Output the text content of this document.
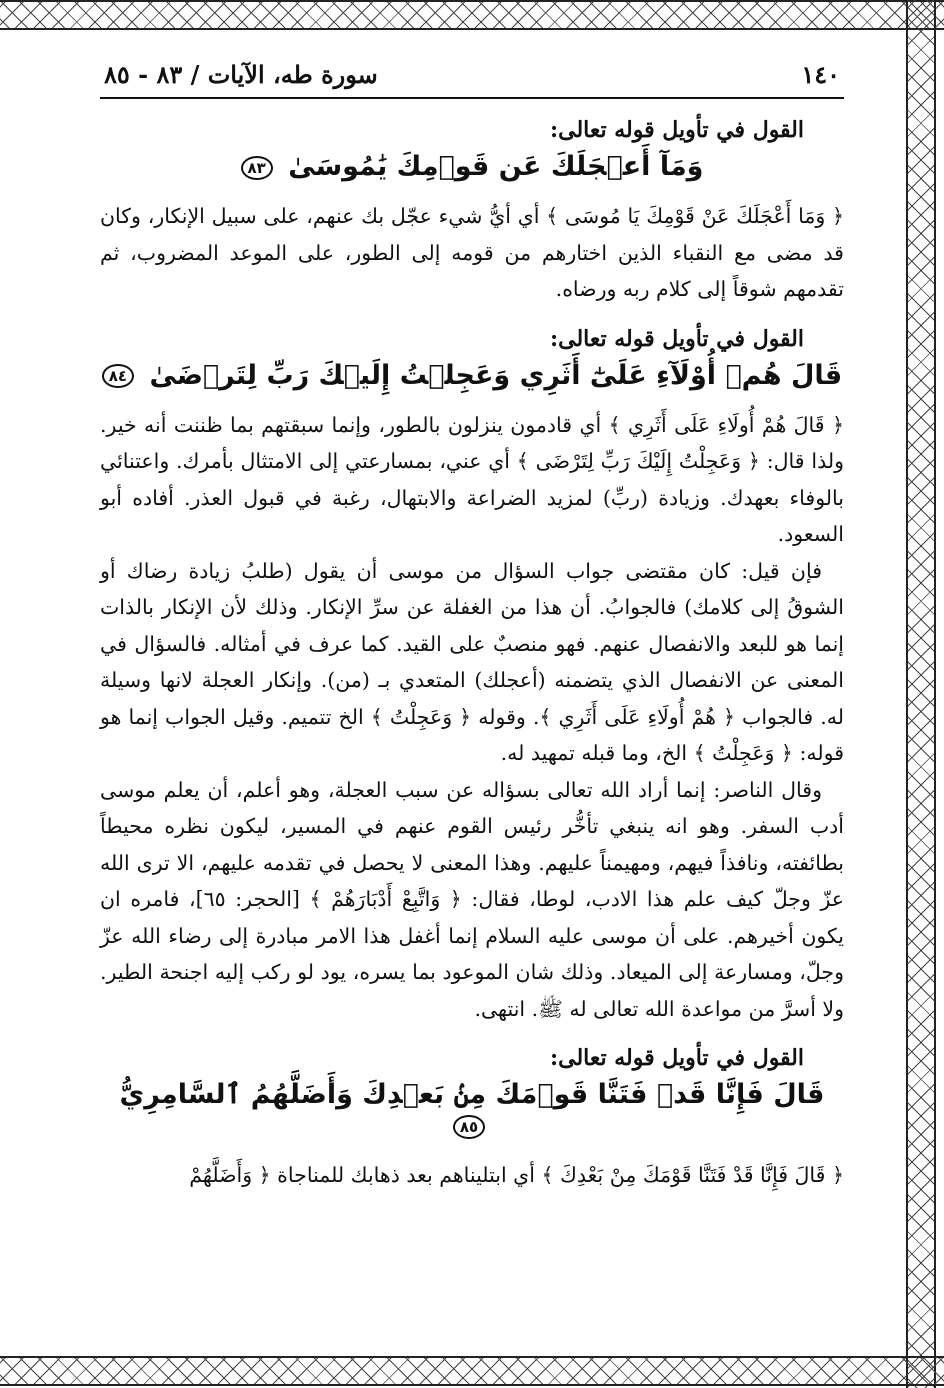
١٤٠
سورة طه، الآيات / ٨٣ - ٨٥
القول في تأويل قوله تعالى:
وَمَآ أَعۡجَلَكَ عَن قَوۡمِكَ يَٰمُوسَىٰ ٨٣

﴿ وَمَا أَعْجَلَكَ عَنْ قَوْمِكَ يَا مُوسَى ﴾ أي أيُّ شيء عجّل بك عنهم، على سبيل الإنكار، وكان قد مضى مع النقباء الذين اختارهم من قومه إلى الطور، على الموعد المضروب، ثم تقدمهم شوقاً إلى كلام ربه ورضاه.

القول في تأويل قوله تعالى:
قَالَ هُمۡ أُوْلَآءِ عَلَىٰٓ أَثَرِي وَعَجِلۡتُ إِلَيۡكَ رَبِّ لِتَرۡضَىٰ ٨٤

﴿ قَالَ هُمْ أُولَاءِ عَلَى أَثَرِي ﴾ أي قادمون ينزلون بالطور، وإنما سبقتهم بما ظننت أنه خير. ولذا قال: ﴿ وَعَجِلْتُ إِلَيْكَ رَبِّ لِتَرْضَى ﴾ أي عني، بمسارعتي إلى الامتثال بأمرك. واعتنائي بالوفاء بعهدك. وزيادة (ربِّ) لمزيد الضراعة والابتهال، رغبة في قبول العذر. أفاده أبو السعود.

فإن قيل: كان مقتضى جواب السؤال من موسى أن يقول (طلبُ زيادة رضاك أو الشوقُ إلى كلامك) فالجوابُ. أن هذا من الغفلة عن سرِّ الإنكار. وذلك لأن الإنكار بالذات إنما هو للبعد والانفصال عنهم. فهو منصبٌ على القيد. كما عرف في أمثاله. فالسؤال في المعنى عن الانفصال الذي يتضمنه (أعجلك) المتعدي بـ (من). وإنكار العجلة لانها وسيلة له. فالجواب ﴿ هُمْ أُولَاءِ عَلَى أَثَرِي ﴾. وقوله ﴿ وَعَجِلْتُ ﴾ الخ تتميم. وقيل الجواب إنما هو قوله: ﴿ وَعَجِلْتُ ﴾ الخ، وما قبله تمهيد له.

وقال الناصر: إنما أراد الله تعالى بسؤاله عن سبب العجلة، وهو أعلم، أن يعلم موسى أدب السفر. وهو انه ينبغي تأخُّر رئيس القوم عنهم في المسير، ليكون نظره محيطاً بطائفته، ونافذاً فيهم، ومهيمناً عليهم. وهذا المعنى لا يحصل في تقدمه عليهم، الا ترى الله عزّ وجلّ كيف علم هذا الادب، لوطا، فقال: ﴿ وَاتَّبِعْ أَدْبَارَهُمْ ﴾ [الحجر: ٦٥]، فامره ان يكون أخيرهم. على أن موسى عليه السلام إنما أغفل هذا الامر مبادرة إلى رضاء الله عزّ وجلّ، ومسارعة إلى الميعاد. وذلك شان الموعود بما يسره، يود لو ركب إليه اجنحة الطير. ولا أسرَّ من مواعدة الله تعالى له ﷺ. انتهى.

القول في تأويل قوله تعالى:
قَالَ فَإِنَّا قَدۡ فَتَنَّا قَوۡمَكَ مِنۢ بَعۡدِكَ وَأَضَلَّهُمُ ٱلسَّامِرِيُّ ٨٥

﴿ قَالَ فَإِنَّا قَدْ فَتَنَّا قَوْمَكَ مِنْ بَعْدِكَ ﴾ أي ابتليناهم بعد ذهابك للمناجاة ﴿ وَأَضَلَّهُمْ
